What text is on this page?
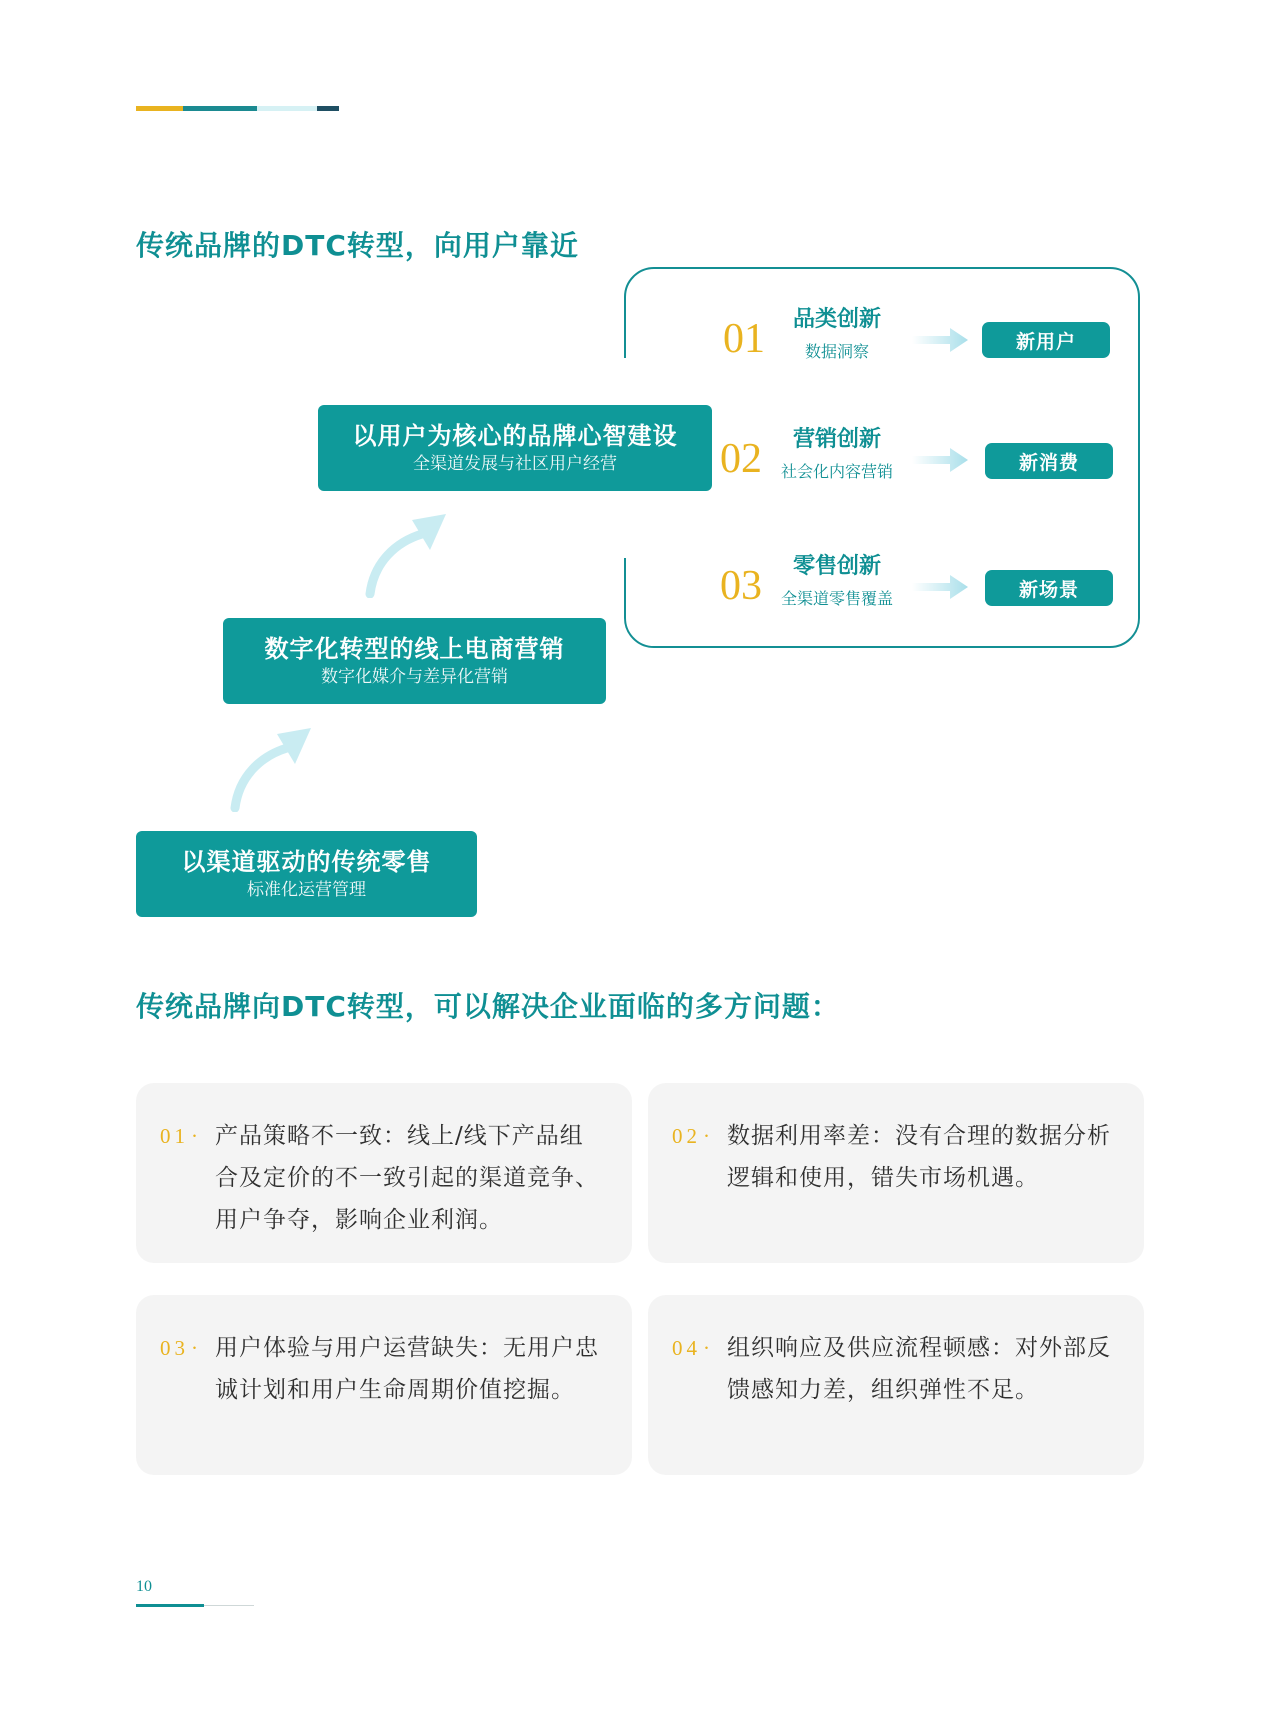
传统品牌的DTC转型，向用户靠近
以用户为核心的品牌心智建设
全渠道发展与社区用户经营
数字化转型的线上电商营销
数字化媒介与差异化营销
以渠道驱动的传统零售
标准化运营管理
01	品类创新
数据洞察	新用户
02	营销创新
社会化内容营销	新消费
03	零售创新
全渠道零售覆盖	新场景
传统品牌向DTC转型，可以解决企业面临的多方问题：
01· 产品策略不一致：线上/线下产品组合及定价的不一致引起的渠道竞争、用户争夺，影响企业利润。
02· 数据利用率差：没有合理的数据分析逻辑和使用，错失市场机遇。
03· 用户体验与用户运营缺失：无用户忠诚计划和用户生命周期价值挖掘。
04· 组织响应及供应流程顿感：对外部反馈感知力差，组织弹性不足。
10
